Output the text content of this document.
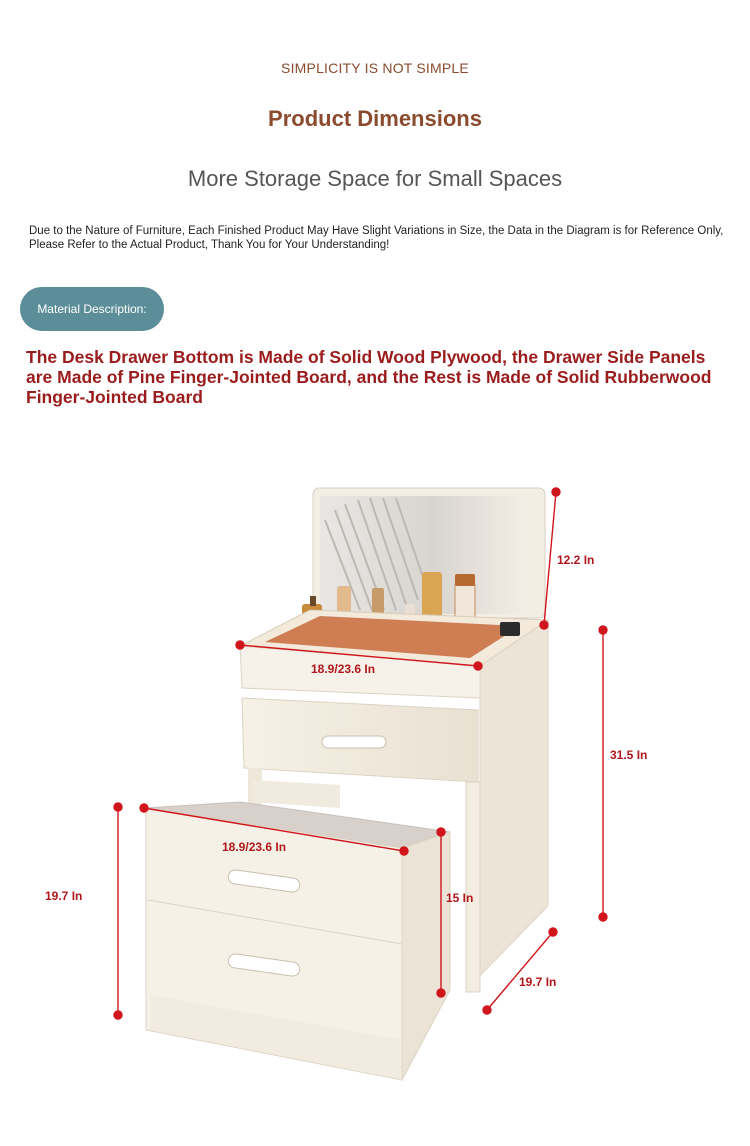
SIMPLICITY IS NOT SIMPLE
Product Dimensions
More Storage Space for Small Spaces
Due to the Nature of Furniture, Each Finished Product May Have Slight Variations in Size, the Data in the Diagram is for Reference Only, Please Refer to the Actual Product, Thank You for Your Understanding!
Material Description:
The Desk Drawer Bottom is Made of Solid Wood Plywood, the Drawer Side Panels are Made of Pine Finger-Jointed Board, and the Rest is Made of Solid Rubberwood Finger-Jointed Board
12.2 In
18.9/23.6 In
31.5 In
18.9/23.6 In
19.7 In	15 In
19.7 In
